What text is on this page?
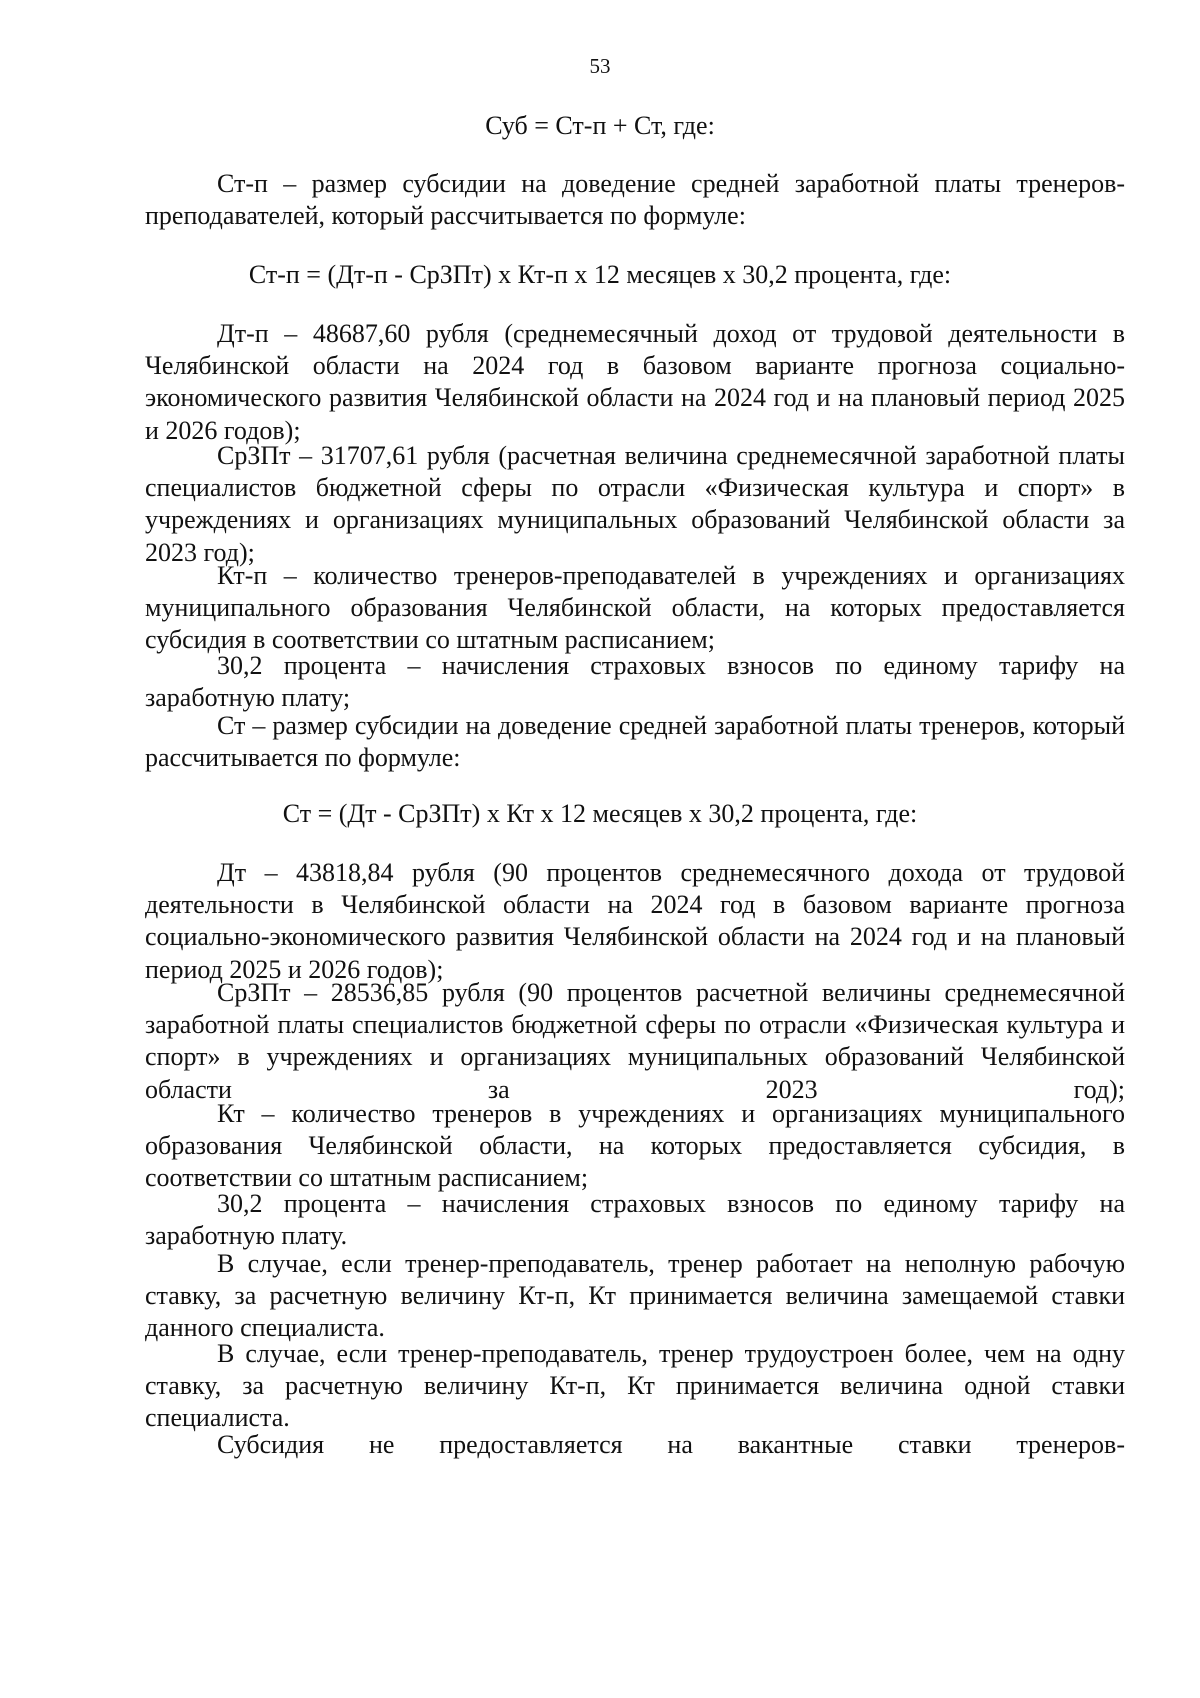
53
Суб = Ст-п + Ст, где:
Ст-п – размер субсидии на доведение средней заработной платы тренеров-преподавателей, который рассчитывается по формуле:
Ст-п = (Дт-п - СрЗПт) х Кт-п х 12 месяцев х 30,2 процента, где:
Дт-п – 48687,60 рубля (среднемесячный доход от трудовой деятельности в Челябинской области на 2024 год в базовом варианте прогноза социально-экономического развития Челябинской области на 2024 год и на плановый период 2025 и 2026 годов);
СрЗПт – 31707,61 рубля (расчетная величина среднемесячной заработной платы специалистов бюджетной сферы по отрасли «Физическая культура и спорт» в учреждениях и организациях муниципальных образований Челябинской области за 2023 год);
Кт-п – количество тренеров-преподавателей в учреждениях и организациях муниципального образования Челябинской области, на которых предоставляется субсидия в соответствии со штатным расписанием;
30,2 процента – начисления страховых взносов по единому тарифу на заработную плату;
Ст – размер субсидии на доведение средней заработной платы тренеров, который рассчитывается по формуле:
Ст = (Дт - СрЗПт) х Кт х 12 месяцев х 30,2 процента, где:
Дт – 43818,84 рубля (90 процентов среднемесячного дохода от трудовой деятельности в Челябинской области на 2024 год в базовом варианте прогноза социально-экономического развития Челябинской области на 2024 год и на плановый период 2025 и 2026 годов);
СрЗПт – 28536,85 рубля (90 процентов расчетной величины среднемесячной заработной платы специалистов бюджетной сферы по отрасли «Физическая культура и спорт» в учреждениях и организациях муниципальных образований Челябинской области за 2023 год);
Кт – количество тренеров в учреждениях и организациях муниципального образования Челябинской области, на которых предоставляется субсидия, в соответствии со штатным расписанием;
30,2 процента – начисления страховых взносов по единому тарифу на заработную плату.
В случае, если тренер-преподаватель, тренер работает на неполную рабочую ставку, за расчетную величину Кт-п, Кт принимается величина замещаемой ставки данного специалиста.
В случае, если тренер-преподаватель, тренер трудоустроен более, чем на одну ставку, за расчетную величину Кт-п, Кт принимается величина одной ставки специалиста.
Субсидия не предоставляется на вакантные ставки тренеров-
